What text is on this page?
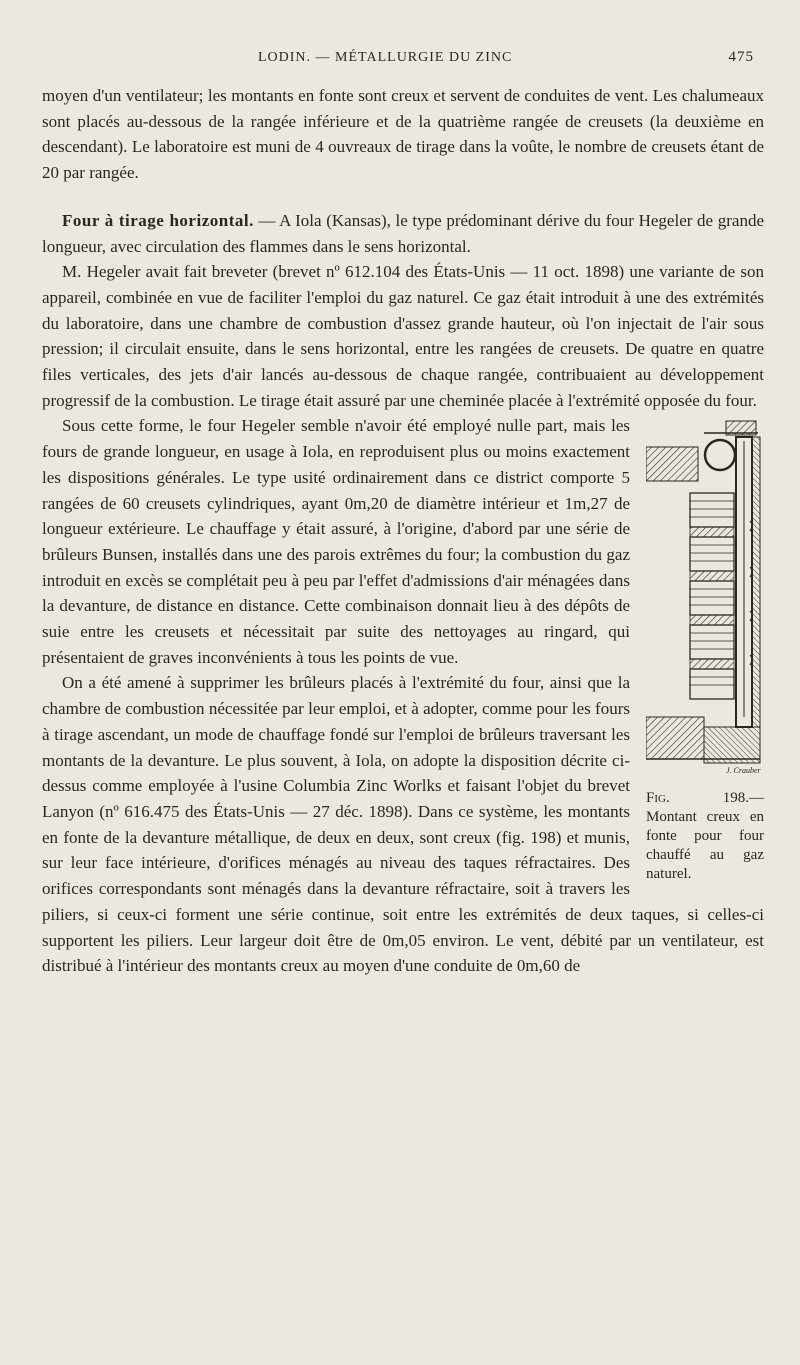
LODIN. — MÉTALLURGIE DU ZINC	475

moyen d'un ventilateur; les montants en fonte sont creux et servent de conduites de vent. Les chalumeaux sont placés au-dessous de la rangée inférieure et de la quatrième rangée de creusets (la deuxième en descendant). Le laboratoire est muni de 4 ouvreaux de tirage dans la voûte, le nombre de creusets étant de 20 par rangée.

Four à tirage horizontal. — A Iola (Kansas), le type prédominant dérive du four Hegeler de grande longueur, avec circulation des flammes dans le sens horizontal.

M. Hegeler avait fait breveter (brevet nº 612.104 des États-Unis — 11 oct. 1898) une variante de son appareil, combinée en vue de faciliter l'emploi du gaz naturel. Ce gaz était introduit à une des extrémités du laboratoire, dans une chambre de combustion d'assez grande hauteur, où l'on injectait de l'air sous pression; il circulait ensuite, dans le sens horizontal, entre les rangées de creusets. De quatre en quatre files verticales, des jets d'air lancés au-dessous de chaque rangée, contribuaient au développement progressif de la combustion. Le tirage était assuré par une cheminée placée à l'extrémité opposée du four.

J. Crauber
Fig. 198.— Montant creux en fonte pour four chauffé au gaz naturel.

Sous cette forme, le four Hegeler semble n'avoir été employé nulle part, mais les fours de grande longueur, en usage à Iola, en reproduisent plus ou moins exactement les dispositions générales. Le type usité ordinairement dans ce district comporte 5 rangées de 60 creusets cylindriques, ayant 0m,20 de diamètre intérieur et 1m,27 de longueur extérieure. Le chauffage y était assuré, à l'origine, d'abord par une série de brûleurs Bunsen, installés dans une des parois extrêmes du four; la combustion du gaz introduit en excès se complétait peu à peu par l'effet d'admissions d'air ménagées dans la devanture, de distance en distance. Cette combinaison donnait lieu à des dépôts de suie entre les creusets et nécessitait par suite des nettoyages au ringard, qui présentaient de graves inconvénients à tous les points de vue.

On a été amené à supprimer les brûleurs placés à l'extrémité du four, ainsi que la chambre de combustion nécessitée par leur emploi, et à adopter, comme pour les fours à tirage ascendant, un mode de chauffage fondé sur l'emploi de brûleurs traversant les montants de la devanture. Le plus souvent, à Iola, on adopte la disposition décrite ci-dessus comme employée à l'usine Columbia Zinc Worlks et faisant l'objet du brevet Lanyon (nº 616.475 des États-Unis — 27 déc. 1898). Dans ce système, les montants en fonte de la devanture métallique, de deux en deux, sont creux (fig. 198) et munis, sur leur face intérieure, d'orifices ménagés au niveau des taques réfractaires. Des orifices correspondants sont ménagés dans la devanture réfractaire, soit à travers les piliers, si ceux-ci forment une série continue, soit entre les extrémités de deux taques, si celles-ci supportent les piliers. Leur largeur doit être de 0m,05 environ. Le vent, débité par un ventilateur, est distribué à l'intérieur des montants creux au moyen d'une conduite de 0m,60 de
